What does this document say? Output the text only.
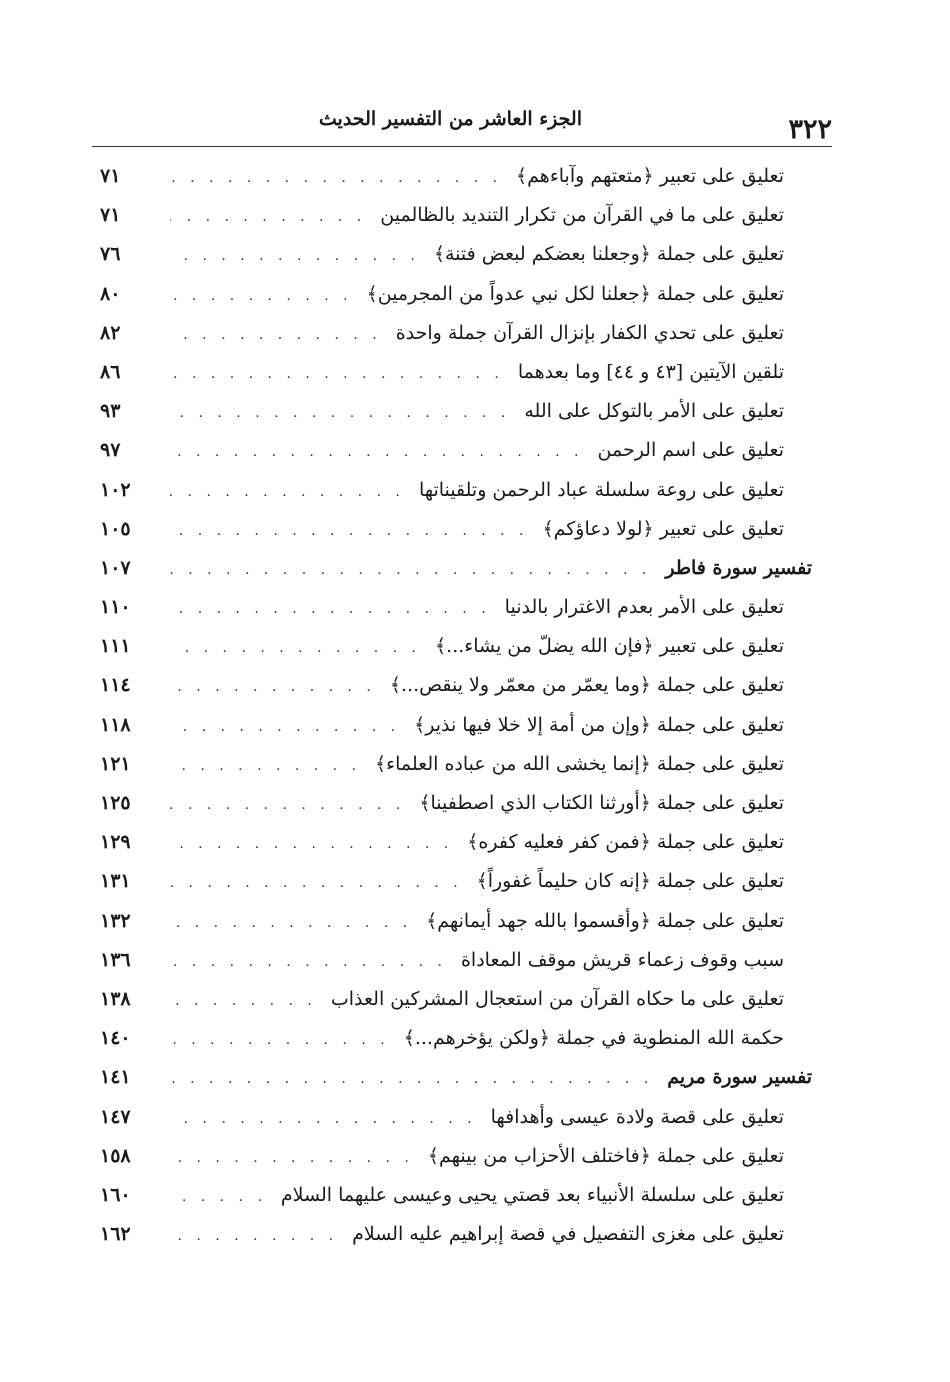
٣٢٢
الجزء العاشر من التفسير الحديث
تعليق على تعبير ﴿متعتهم وآباءهم﴾
. . .
٧١
تعليق على ما في القرآن من تكرار التنديد بالظالمين
. . .
٧١
تعليق على جملة ﴿وجعلنا بعضكم لبعض فتنة﴾
. . .
٧٦
تعليق على جملة ﴿جعلنا لكل نبي عدواً من المجرمين﴾
. . .
٨٠
تعليق على تحدي الكفار بإنزال القرآن جملة واحدة
. . .
٨٢
تلقين الآيتين [٤٣ و ٤٤] وما بعدهما
. . .
٨٦
تعليق على الأمر بالتوكل على الله
. . .
٩٣
تعليق على اسم الرحمن
. . .
٩٧
تعليق على روعة سلسلة عباد الرحمن وتلقيناتها
. . .
١٠٢
تعليق على تعبير ﴿لولا دعاؤكم﴾
. . .
١٠٥
تفسير سورة فاطر
. . .
١٠٧
تعليق على الأمر بعدم الاغترار بالدنيا
. . .
١١٠
تعليق على تعبير ﴿فإن الله يضلّ من يشاء...﴾
. . .
١١١
تعليق على جملة ﴿وما يعمّر من معمّر ولا ينقص...﴾
. . .
١١٤
تعليق على جملة ﴿وإن من أمة إلا خلا فيها نذير﴾
. . .
١١٨
تعليق على جملة ﴿إنما يخشى الله من عباده العلماء﴾
. . .
١٢١
تعليق على جملة ﴿أورثنا الكتاب الذي اصطفينا﴾
. . .
١٢٥
تعليق على جملة ﴿فمن كفر فعليه كفره﴾
. . .
١٢٩
تعليق على جملة ﴿إنه كان حليماً غفوراً﴾
. . .
١٣١
تعليق على جملة ﴿وأقسموا بالله جهد أيمانهم﴾
. . .
١٣٢
سبب وقوف زعماء قريش موقف المعاداة
. . .
١٣٦
تعليق على ما حكاه القرآن من استعجال المشركين العذاب
. . .
١٣٨
حكمة الله المنطوية في جملة ﴿ولكن يؤخرهم...﴾
. . .
١٤٠
تفسير سورة مريم
. . .
١٤١
تعليق على قصة ولادة عيسى وأهدافها
. . .
١٤٧
تعليق على جملة ﴿فاختلف الأحزاب من بينهم﴾
. . .
١٥٨
تعليق على سلسلة الأنبياء بعد قصتي يحيى وعيسى عليهما السلام
. . .
١٦٠
تعليق على مغزى التفصيل في قصة إبراهيم عليه السلام
. . .
١٦٢
